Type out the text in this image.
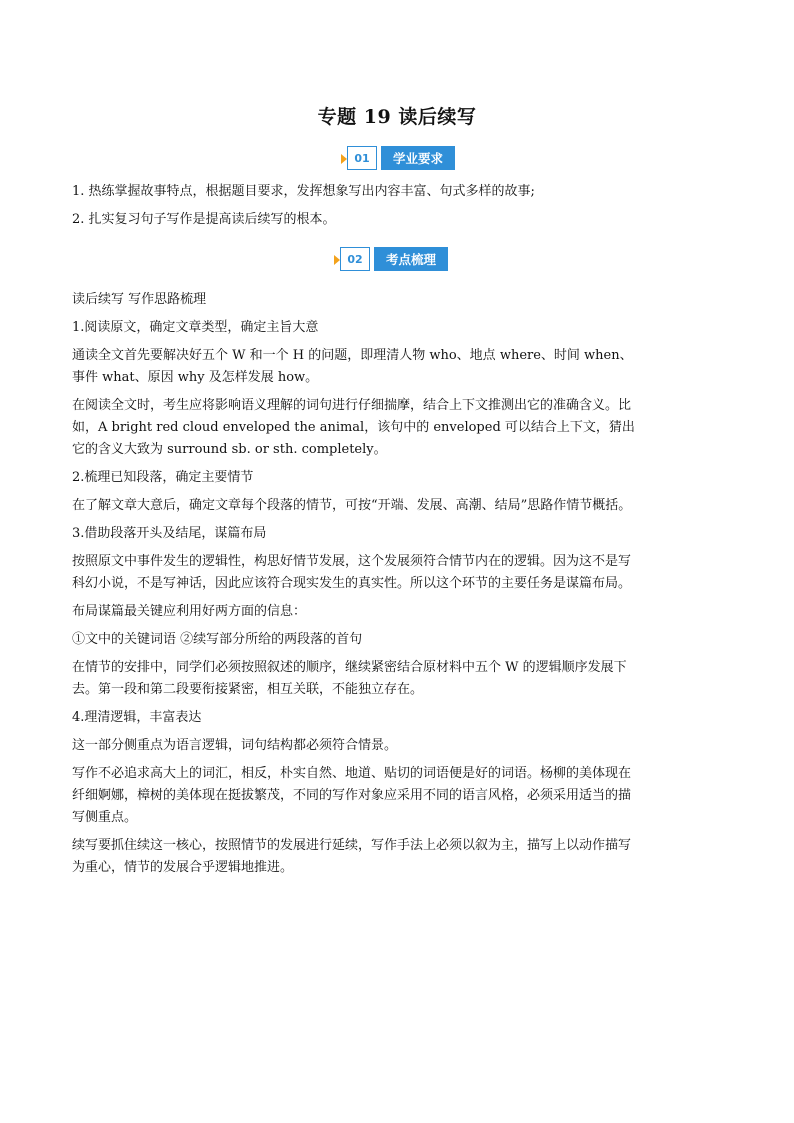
专题 19 读后续写
01	学业要求

1. 热练掌握故事特点，根据题目要求，发挥想象写出内容丰富、句式多样的故事;

2. 扎实复习句子写作是提高读后续写的根本。

02	考点梳理

读后续写 写作思路梳理

1.阅读原文，确定文章类型，确定主旨大意

通读全文首先要解决好五个 W 和一个 H 的问题，即理清人物 who、地点 where、时间 when、事件 what、原因 why 及怎样发展 how。

在阅读全文时，考生应将影响语义理解的词句进行仔细揣摩，结合上下文推测出它的准确含义。比如，A bright red cloud enveloped the animal，该句中的 enveloped 可以结合上下文，猜出它的含义大致为 surround sb. or sth. completely。

2.梳理已知段落，确定主要情节

在了解文章大意后，确定文章每个段落的情节，可按“开端、发展、高潮、结局”思路作情节概括。

3.借助段落开头及结尾，谋篇布局

按照原文中事件发生的逻辑性，构思好情节发展，这个发展须符合情节内在的逻辑。因为这不是写科幻小说，不是写神话，因此应该符合现实发生的真实性。所以这个环节的主要任务是谋篇布局。

布局谋篇最关键应利用好两方面的信息：

①文中的关键词语 ②续写部分所给的两段落的首句

在情节的安排中，同学们必须按照叙述的顺序，继续紧密结合原材料中五个 W 的逻辑顺序发展下去。第一段和第二段要衔接紧密，相互关联，不能独立存在。

4.理清逻辑，丰富表达

这一部分侧重点为语言逻辑，词句结构都必须符合情景。

写作不必追求高大上的词汇，相反，朴实自然、地道、贴切的词语便是好的词语。杨柳的美体现在纤细婀娜，樟树的美体现在挺拔繁茂，不同的写作对象应采用不同的语言风格，必须采用适当的描写侧重点。

续写要抓住续这一核心，按照情节的发展进行延续，写作手法上必须以叙为主，描写上以动作描写为重心，情节的发展合乎逻辑地推进。
